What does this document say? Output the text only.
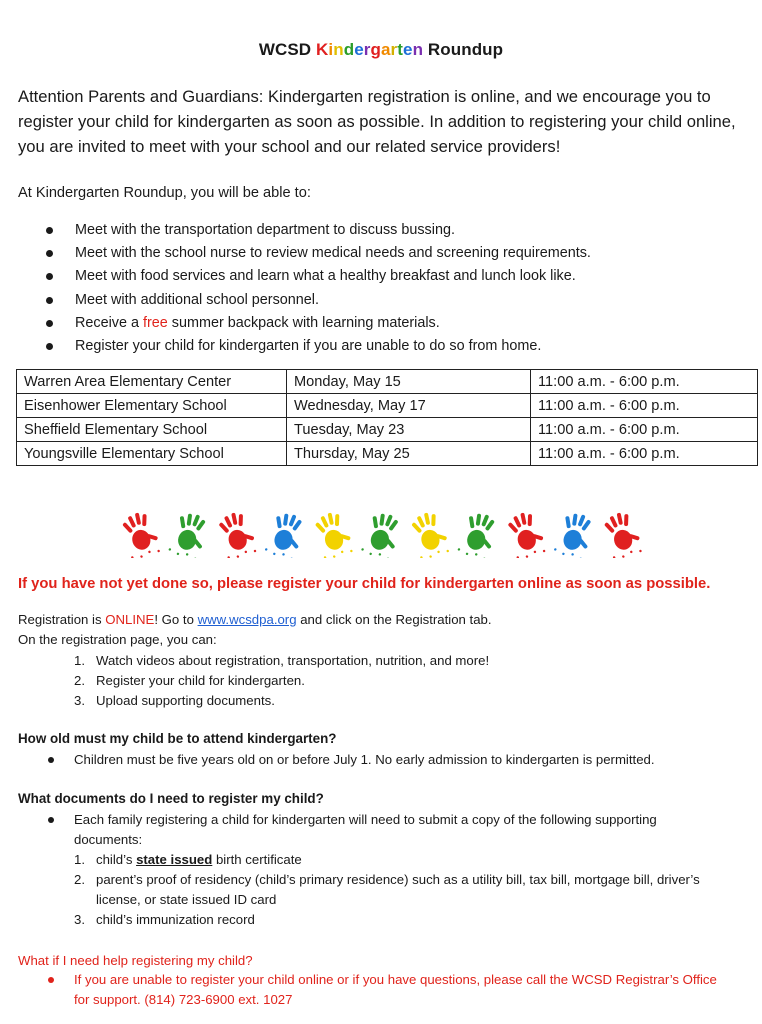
WCSD Kindergarten Roundup
Attention Parents and Guardians: Kindergarten registration is online, and we encourage you to register your child for kindergarten as soon as possible. In addition to registering your child online, you are invited to meet with your school and our related service providers!
At Kindergarten Roundup, you will be able to:
Meet with the transportation department to discuss bussing.
Meet with the school nurse to review medical needs and screening requirements.
Meet with food services and learn what a healthy breakfast and lunch look like.
Meet with additional school personnel.
Receive a free summer backpack with learning materials.
Register your child for kindergarten if you are unable to do so from home.
Warren Area Elementary Center	Monday, May 15	11:00 a.m. - 6:00 p.m.
Eisenhower Elementary School	Wednesday, May 17	11:00 a.m. - 6:00 p.m.
Sheffield Elementary School	Tuesday, May 23	11:00 a.m. - 6:00 p.m.
Youngsville Elementary School	Thursday, May 25	11:00 a.m. - 6:00 p.m.
If you have not yet done so, please register your child for kindergarten online as soon as possible.
Registration is ONLINE! Go to www.wcsdpa.org and click on the Registration tab.
On the registration page, you can:
1. Watch videos about registration, transportation, nutrition, and more!
2. Register your child for kindergarten.
3. Upload supporting documents.
How old must my child be to attend kindergarten?
Children must be five years old on or before July 1. No early admission to kindergarten is permitted.
What documents do I need to register my child?
Each family registering a child for kindergarten will need to submit a copy of the following supporting documents:
1. child’s state issued birth certificate
2. parent’s proof of residency (child’s primary residence) such as a utility bill, tax bill, mortgage bill, driver’s license, or state issued ID card
3. child’s immunization record
What if I need help registering my child?
If you are unable to register your child online or if you have questions, please call the WCSD Registrar’s Office for support. (814) 723-6900 ext. 1027
